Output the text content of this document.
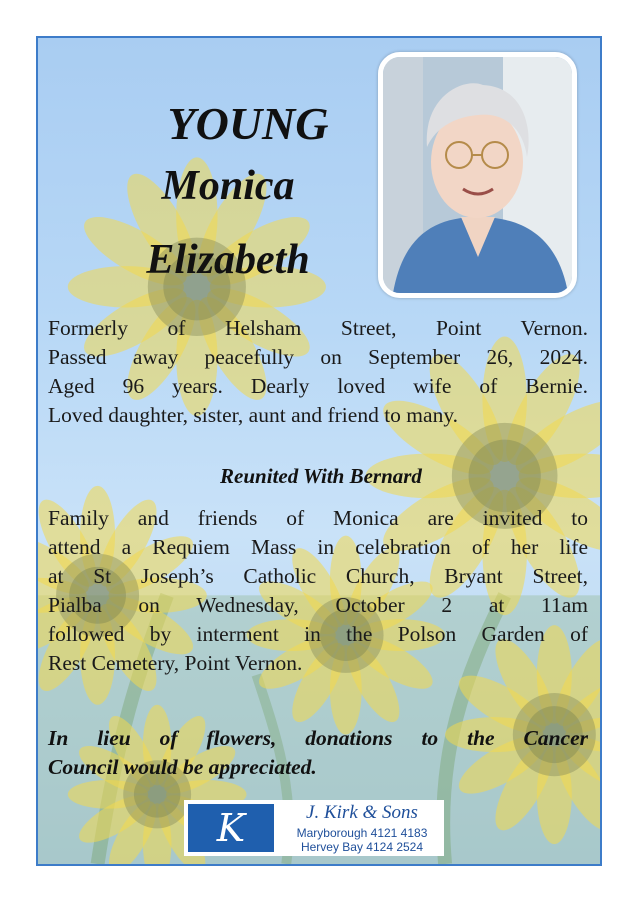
YOUNG
Monica
Elizabeth
Formerly of Helsham Street, Point Vernon.
Passed away peacefully on September 26, 2024.
Aged 96 years. Dearly loved wife of Bernie.
Loved daughter, sister, aunt and friend to many.
Reunited With Bernard
Family and friends of Monica are invited to
attend a Requiem Mass in celebration of her life
at St Joseph’s Catholic Church, Bryant Street,
Pialba on Wednesday, October 2 at 11am
followed by interment in the Polson Garden of
Rest Cemetery, Point Vernon.
In lieu of flowers, donations to the Cancer
Council would be appreciated.
K	J. Kirk & Sons
Maryborough 4121 4183
Hervey Bay 4124 2524
